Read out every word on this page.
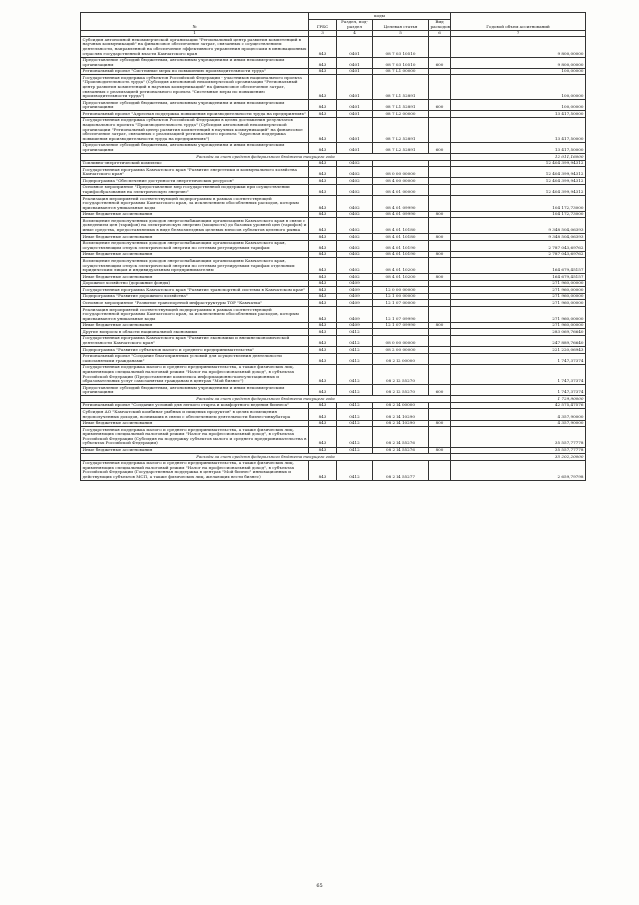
№	коды				Годовой объем ассигнований
	ГРБС	Раздел, под-раздел	Целевая статья	Вид расходов	
1	3	4	5	6	7
Субсидия автономной некоммерческой организации "Региональный центр развития компетенций в научных коммуникаций" на финансовое обеспечение затрат, связанных с осуществлением деятельности, направленной на обеспечение эффективного управления процессами в инновационных отраслях государственной власти Камчатского края	843	0401	08 7 03 10510		9 800,00000
Предоставление субсидий бюджетным, автономным учреждениям и иным некоммерческим организациям	843	0401	08 7 03 10510	600	9 800,00000
Региональный проект "Системные меры по повышению производительности труда"	843	0401	08 7 L1 00000		100,00000
Государственная поддержка субъектов Российской Федерации - участников национального проекта "Производительность труда" (Субсидия автономной некоммерческой организации "Региональный центр развития компетенций в научных коммуникаций" на финансовое обеспечение затрат, связанных с реализацией регионального проекта "Системные меры по повышению производительности труда")	843	0401	08 7 L1 52891		100,00000
Предоставление субсидий бюджетным, автономным учреждениям и иным некоммерческим организациям	843	0401	08 7 L1 52891	600	100,00000
Региональный проект "Адресная поддержка повышения производительности труда на предприятиях"	843	0401	08 7 L2 00000		13 417,50000
Государственная поддержка субъектов Российской Федерации в целях достижения результатов национального проекта "Производительность труда" (Субсидия автономной некоммерческой организации "Региональный центр развития компетенций в научных коммуникаций" на финансовое обеспечение затрат, связанных с реализацией регионального проекта "Адресная поддержка повышения производительности труда на предприятиях")	843	0401	08 7 L2 52891		13 417,50000
Предоставление субсидий бюджетным, автономным учреждениям и иным некоммерческим организациям	843	0401	08 7 L2 52891	600	13 417,50000
Расходы за счет средств федерального бюджета текущего года					12 011,16000
Топливно-энергетический комплекс	843	0402			12 404 399,94312
Государственная программа Камчатского края "Развитие энергетики и коммунального хозяйства Камчатского края"	843	0402	08 0 00 00000		12 404 399,94312
Подпрограмма "Обеспечение доступности энергетических ресурсов"	843	0402	08 4 00 00000		12 404 399,94312
Основное мероприятие "Предоставление мер государственной поддержки при осуществлении тарифообразования на электрическую энергию"	843	0402	08 4 01 00000		12 404 399,94312
Реализация мероприятий соответствующей подпрограммы в рамках соответствующей государственной программы Камчатского края, за исключением обособленных расходов, которым присваиваются уникальные коды	843	0402	08 4 01 09990		104 172,73000
Иные бюджетные ассигнования	843	0402	08 4 01 09990	800	104 172,73000
Возмещение недополученных доходов энергоснабжающим организациям Камчатского края в связи с доведением цен (тарифов) на электрическую энергию (мощность) до базовых уровней цен (тарифов) и иные средства, предоставляемых в виде безвозмездных целевых взносов субъектов целевого рынка	843	0402	08 4 01 10180		9 348 504,06393
Иные бюджетные ассигнования	843	0402	08 4 01 10180	800	9 348 504,06393
Возмещение недополученных доходов энергоснабжающим организациям Камчатского края, осуществляющим отпуск электрической энергии по сетевым регулируемым тарифам	843	0402	08 4 01 10190		2 787 043,69762
Иные бюджетные ассигнования	843	0402	08 4 01 10190	800	2 787 043,69762
Возмещение недополученных доходов энергоснабжающим организациям Камчатского края, осуществляющим отпуск электрической энергии по сетевым регулируемым тарифам отдельным юридическим лицам и индивидуальным предпринимателям	843	0402	08 4 01 10200		164 679,45157
Иные бюджетные ассигнования	843	0402	08 4 01 10200	800	164 679,45157
Дорожное хозяйство (дорожные фонды)	843	0409			271 960,00000
Государственная программа Камчатского края "Развитие транспортной системы в Камчатском крае"	843	0409	12 0 00 00000		271 960,00000
Подпрограмма "Развитие дорожного хозяйства"	843	0409	12 1 00 00000		271 960,00000
Основное мероприятие "Развитие транспортной инфраструктуры ТОР "Камчатка"	843	0409	12 1 07 00000		271 960,00000
Реализация мероприятий соответствующей подпрограммы в рамках соответствующей государственной программы Камчатского края, за исключением обособленных расходов, которым присваиваются уникальные коды	843	0409	12 1 07 09990		271 960,00000
Иные бюджетные ассигнования	843	0409	12 1 07 09990	800	271 960,00000
Другие вопросы в области национальной экономики	843	0412			283 069,76640
Государственная программа Камчатского края "Развитие экономики и внешнеэкономической деятельности Камчатского края"	843	0412	08 0 00 00000		247 889,76640
Подпрограмма "Развитие субъектов малого и среднего предпринимательства"	843	0412	08 2 00 00000		221 220,06943
Региональный проект "Создание благоприятных условий для осуществления деятельности самозанятыми гражданами"	843	0412	08 2 I2 00000		1 747,37374
Государственная поддержка малого и среднего предпринимательства, а также физических лиц, применяющих специальный налоговый режим "Налог на профессиональный доход", в субъектах Российской Федерации (Предоставление комплекса информационно-консультационных и образовательных услуг самозанятым гражданам в центрах "Мой бизнес")	843	0412	08 2 I2 55270		1 747,37374
Предоставление субсидий бюджетным, автономным учреждениям и иным некоммерческим организациям	843	0412	08 2 I2 55270	600	1 747,37374
Расходы за счет средств федерального бюджета текущего года					1 729,90000
Региональный проект "Создание условий для легкого старта и комфортного ведения бизнеса"	843	0412	08 2 I4 00000		42 575,47576
Субсидия АО "Камчатский комбинат рыбных и пищевых продуктов" в целях возмещения недополученных доходов, возникших в связи с обеспечением деятельности бизнес-инкубатора	843	0412	08 2 I4 10290		4 357,90000
Иные бюджетные ассигнования	843	0412	08 2 I4 10290	800	4 357,90000
Государственная поддержка малого и среднего предпринимательства, а также физических лиц, применяющих специальный налоговый режим "Налог на профессиональный доход", в субъектах Российской Федерации (Субсидия на поддержку субъектов малого и среднего предпринимательства в субъектах Российской Федерации)	843	0412	08 2 I4 55276		35 557,77778
Иные бюджетные ассигнования	843	0412	08 2 I4 55276	800	35 557,77778
Расходы за счет средств федерального бюджета текущего года					35 202,20000
Государственная поддержка малого и среднего предпринимательства, а также физических лиц, применяющих специальный налоговый режим "Налог на профессиональный доход", в субъектах Российской Федерации (Государственная поддержка в центрах "Мой бизнес" инновационных и действующих субъектов МСП, а также физических лиц, желающих вести бизнес)	843	0412	08 2 I4 55277		2 659,79798
65
